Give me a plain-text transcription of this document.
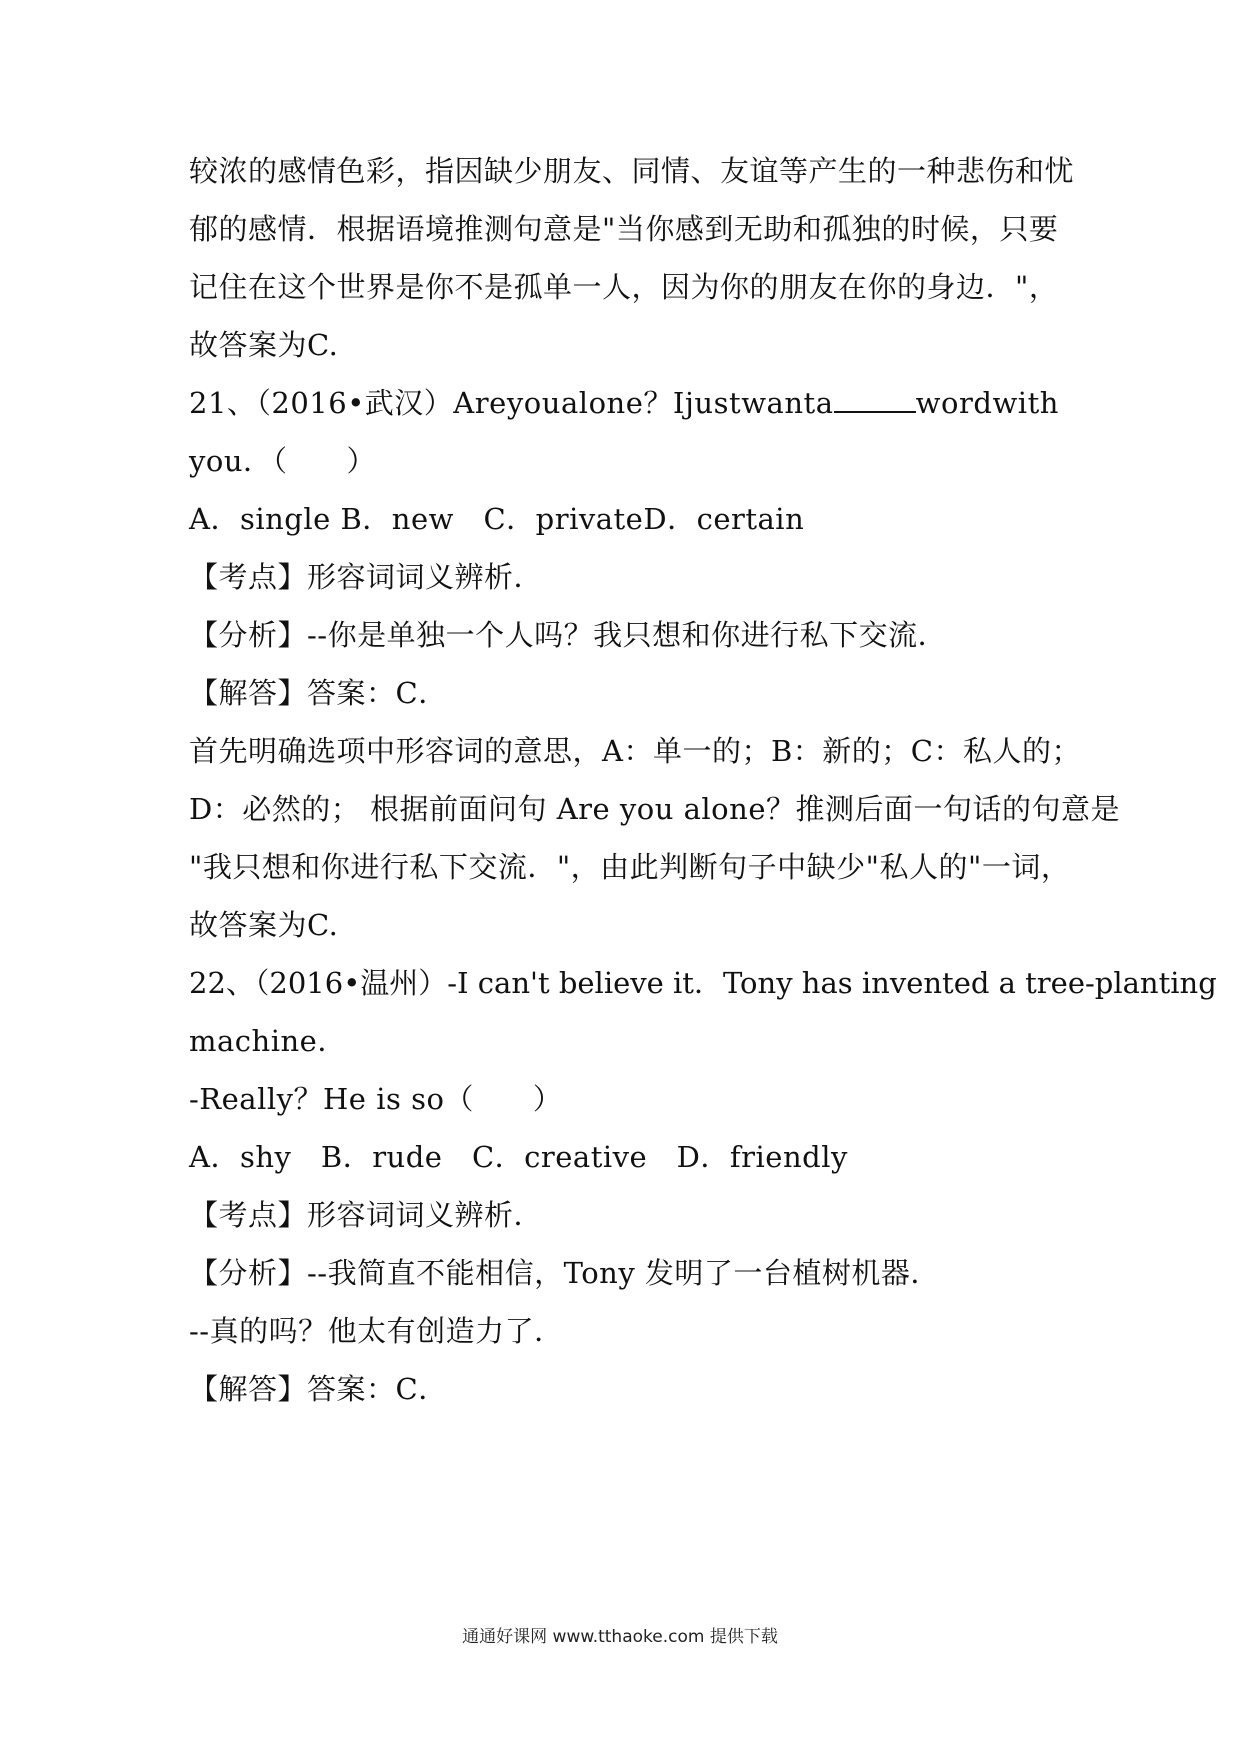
较浓的感情色彩，指因缺少朋友、同情、友谊等产生的一种悲伤和忧
郁的感情．根据语境推测句意是"当你感到无助和孤独的时候，只要
记住在这个世界是你不是孤单一人，因为你的朋友在你的身边．"，
故答案为C.
21、（2016•武汉）Are you alone？I just want a	word with
you．（　　）
A．single B．new　C．privateD．certain
【考点】形容词词义辨析．
【分析】--你是单独一个人吗？我只想和你进行私下交流．
【解答】答案：C．
首先明确选项中形容词的意思，A：单一的；B：新的；C：私人的；
D：必然的； 根据前面问句 Are you alone？推测后面一句话的句意是
"我只想和你进行私下交流．"，由此判断句子中缺少"私人的"一词，
故答案为C.
22、（2016•温州）-I can't believe it．Tony has invented a tree-planting
machine．
-Really？He is so（　　）
A．shy　B．rude　C．creative　D．friendly
【考点】形容词词义辨析．
【分析】--我简直不能相信，Tony 发明了一台植树机器．
--真的吗？他太有创造力了．
【解答】答案：C．
通通好课网 www.tthaoke.com 提供下载
